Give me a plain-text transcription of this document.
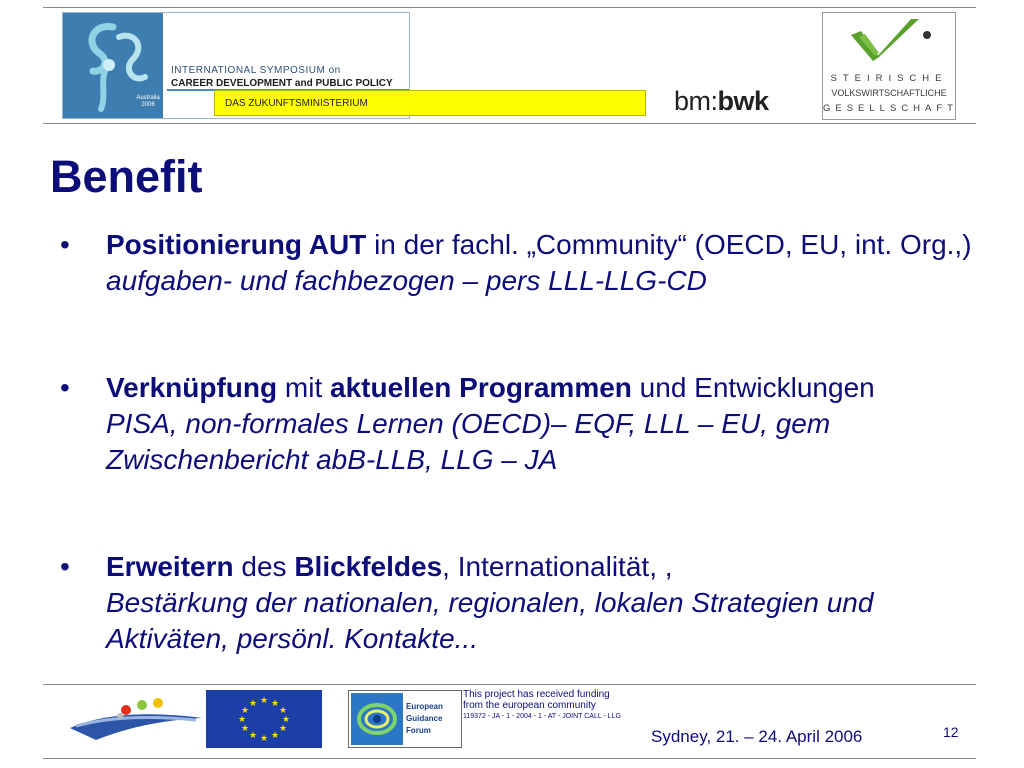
Australia
2006
INTERNATIONAL SYMPOSIUM on
CAREER DEVELOPMENT and PUBLIC POLICY
DAS ZUKUNFTSMINISTERIUM	bm:bwk
STEIRISCHE
VOLKSWIRTSCHAFTLICHE
GESELLSCHAFT
Benefit
•	Positionierung AUT in der fachl. „Community“ (OECD, EU, int. Org.,)
aufgaben- und fachbezogen – pers LLL-LLG-CD
•	Verknüpfung mit aktuellen Programmen und Entwicklungen
PISA, non-formales Lernen (OECD)– EQF, LLL – EU, gem Zwischenbericht abB-LLB, LLG – JA
•	Erweitern des Blickfeldes, Internationalität, ,
Bestärkung der nationalen, regionalen, lokalen Strategien und Aktiväten, persönl. Kontakte...
★ ★
★
★
★
★
★
★
★
★
★
★	European
Guidance
Forum
This project has received funding
from the european community
119372 - JA - 1 - 2004 - 1 - AT - JOINT CALL - LLG
Sydney, 21. – 24. April 2006	12
